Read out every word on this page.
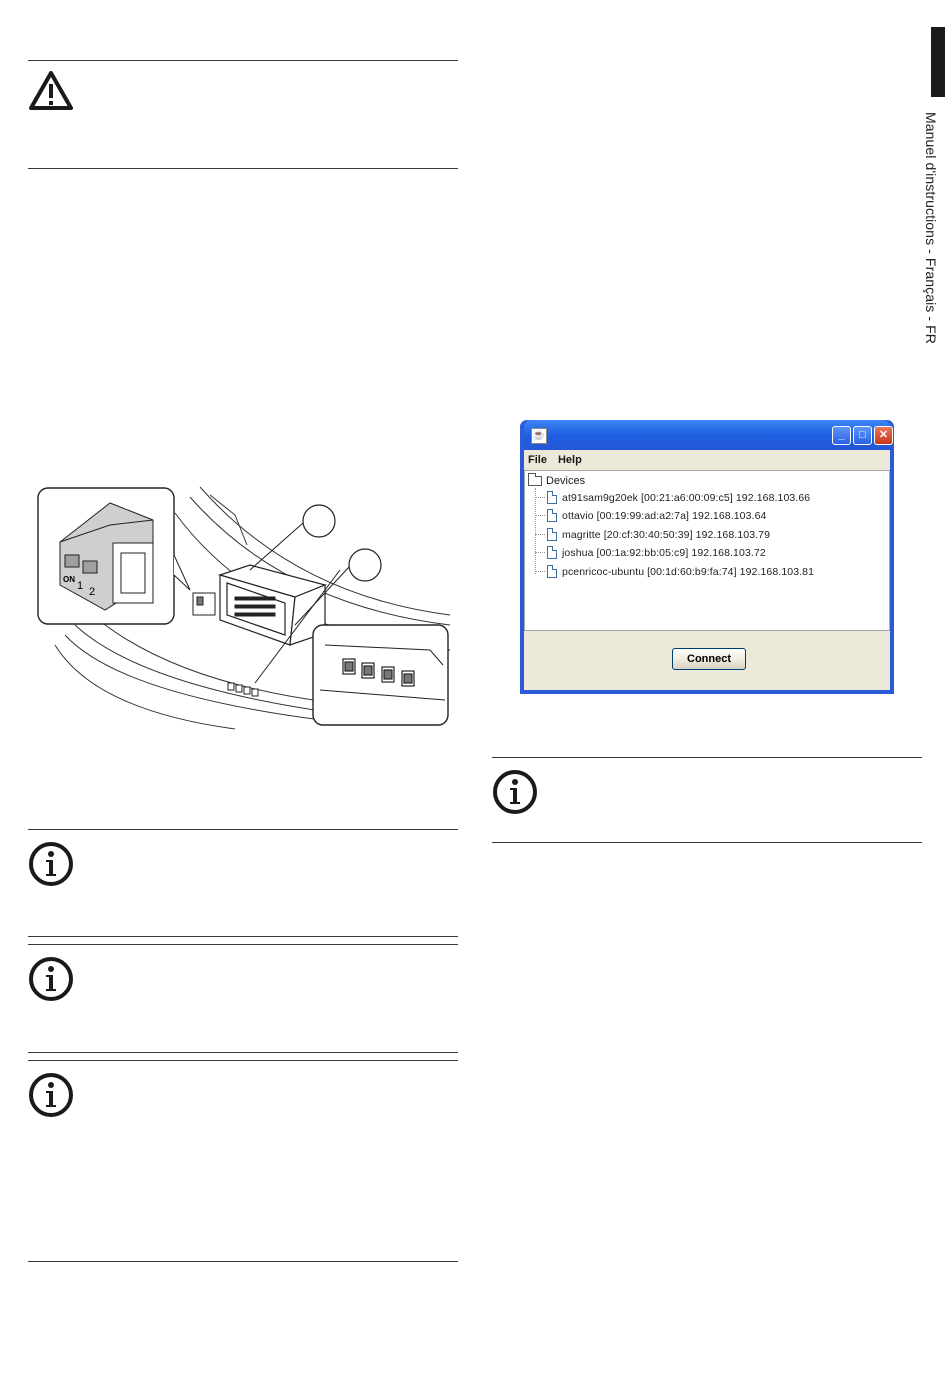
Manuel d'instructions - Français - FR
ON
1 2
☕	_	□	✕
File Help
Devices
at91sam9g20ek [00:21:a6:00:09:c5] 192.168.103.66
ottavio [00:19:99:ad:a2:7a] 192.168.103.64
magritte [20:cf:30:40:50:39] 192.168.103.79
joshua [00:1a:92:bb:05:c9] 192.168.103.72
pcenricoc-ubuntu [00:1d:60:b9:fa:74] 192.168.103.81
Connect
